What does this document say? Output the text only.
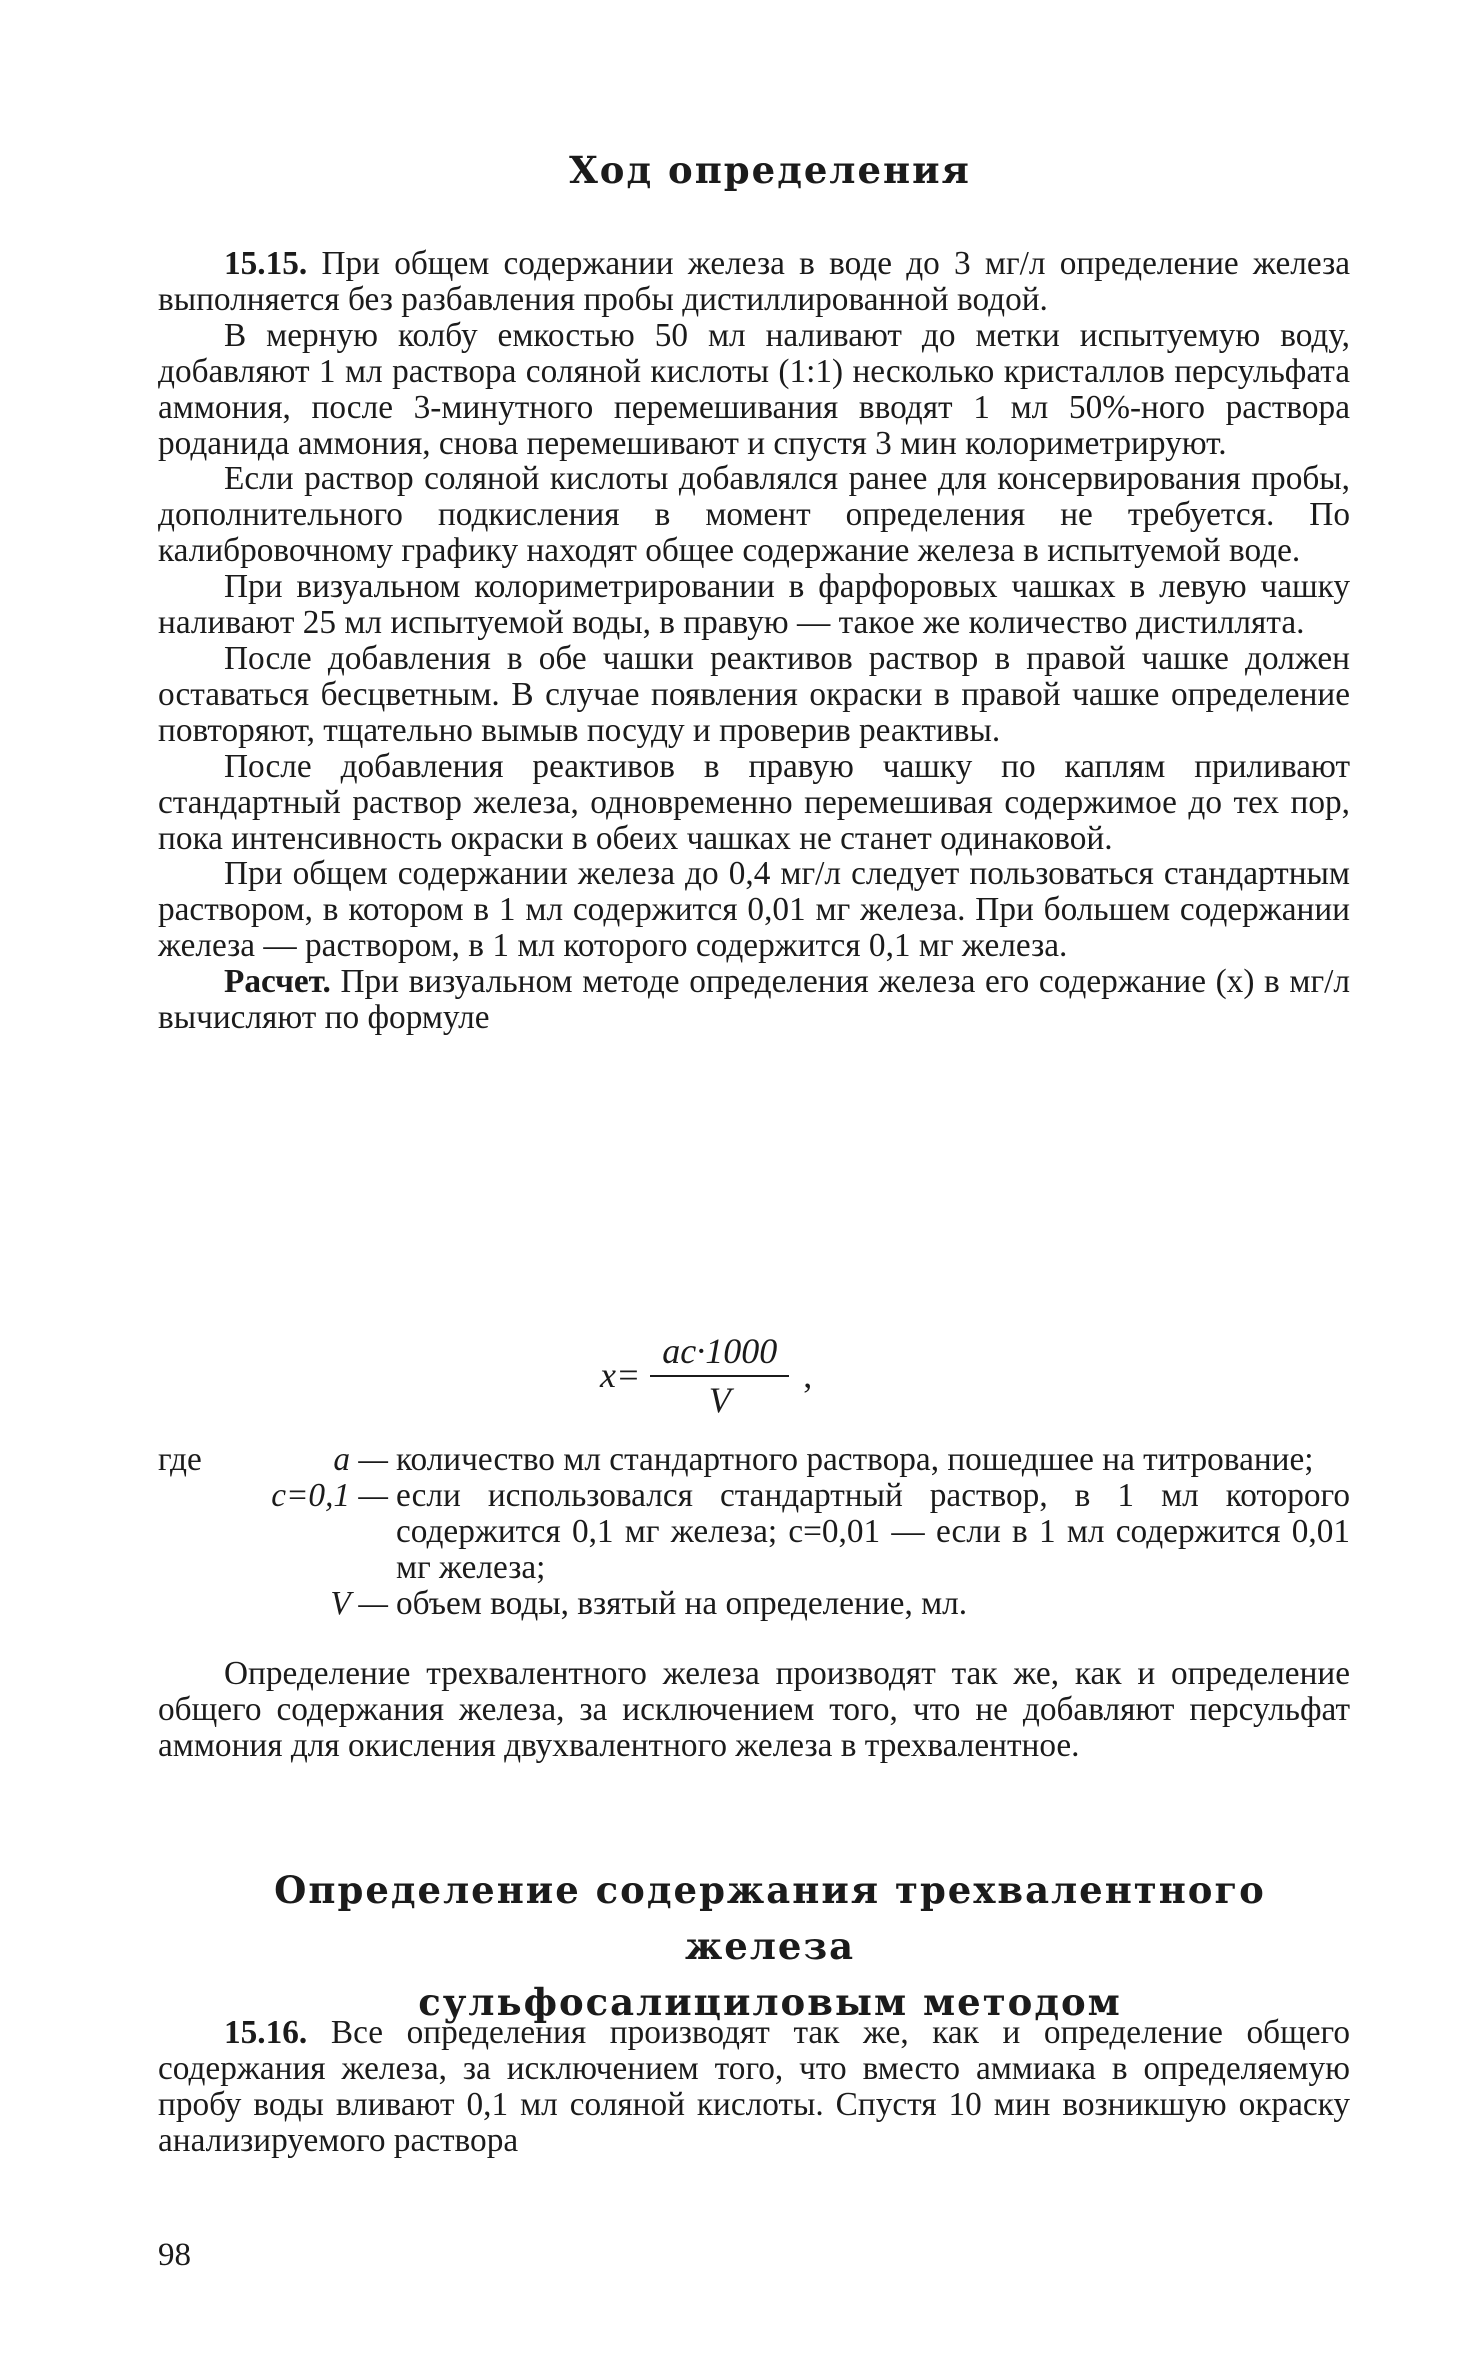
Ход определения

15.15. При общем содержании железа в воде до 3 мг/л определение железа выполняется без разбавления пробы дистиллированной водой.

В мерную колбу емкостью 50 мл наливают до метки испытуемую воду, добавляют 1 мл раствора соляной кислоты (1:1) несколько кристаллов персульфата аммония, после 3-минутного перемешивания вводят 1 мл 50%-ного раствора роданида аммония, снова перемешивают и спустя 3 мин колориметрируют.

Если раствор соляной кислоты добавлялся ранее для консервирования пробы, дополнительного подкисления в момент определения не требуется. По калибровочному графику находят общее содержание железа в испытуемой воде.

При визуальном колориметрировании в фарфоровых чашках в левую чашку наливают 25 мл испытуемой воды, в правую — такое же количество дистиллята.

После добавления в обе чашки реактивов раствор в правой чашке должен оставаться бесцветным. В случае появления окраски в правой чашке определение повторяют, тщательно вымыв посуду и проверив реактивы.

После добавления реактивов в правую чашку по каплям приливают стандартный раствор железа, одновременно перемешивая содержимое до тех пор, пока интенсивность окраски в обеих чашках не станет одинаковой.

При общем содержании железа до 0,4 мг/л следует пользоваться стандартным раствором, в котором в 1 мл содержится 0,01 мг железа. При большем содержании железа — раствором, в 1 мл которого содержится 0,1 мг железа.

Расчет. При визуальном методе определения железа его содержание (x) в мг/л вычисляют по формуле

$x= \frac{ac\cdot 1000}{V}$ ,
где	a — количество мл стандартного раствора, пошедшее на титрование;
c=0,1 — если использовался стандартный раствор, в 1 мл которого содержится 0,1 мг железа; c=0,01 — если в 1 мл содержится 0,01 мг железа;
V — объем воды, взятый на определение, мл.

Определение трехвалентного железа производят так же, как и определение общего содержания железа, за исключением того, что не добавляют персульфат аммония для окисления двухвалентного железа в трехвалентное.

Определение содержания трехвалентного железа
сульфосалициловым методом

15.16. Все определения производят так же, как и определение общего содержания железа, за исключением того, что вместо аммиака в определяемую пробу воды вливают 0,1 мл соляной кислоты. Спустя 10 мин возникшую окраску анализируемого раствора

98
